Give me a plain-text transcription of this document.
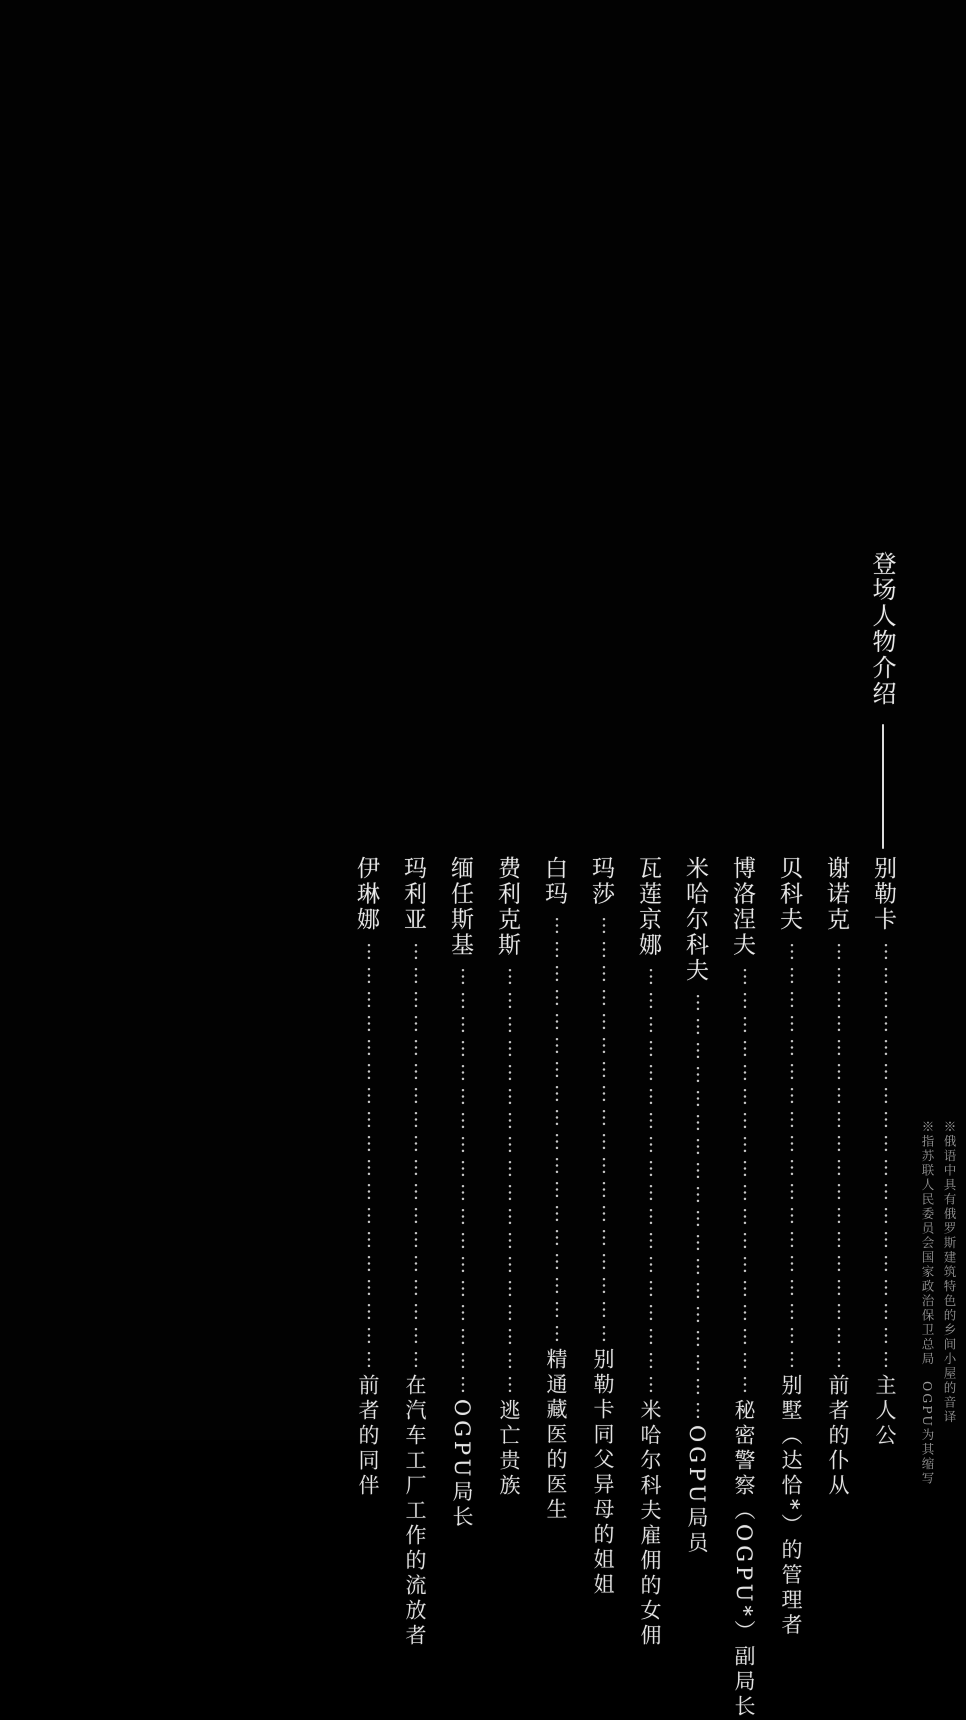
登场人物介绍
别勒卡
………………………………………………
主人公
谢诺克
………………………………………………
前者的仆从
贝科夫
………………………………………………
别墅（达恰*）的管理者
博洛涅夫
………………………………………………
秘密警察（OGPU*）副局长
米哈尔科夫
………………………………………………
OGPU局员
瓦莲京娜
………………………………………………
米哈尔科夫雇佣的女佣
玛莎
………………………………………………
别勒卡同父异母的姐姐
白玛
………………………………………………
精通藏医的医生
费利克斯
………………………………………………
逃亡贵族
缅任斯基
………………………………………………
OGPU局长
玛利亚
………………………………………………
在汽车工厂工作的流放者
伊琳娜
………………………………………………
前者的同伴
※俄语中具有俄罗斯建筑特色的乡间小屋的音译
※指苏联人民委员会国家政治保卫总局　OGPU为其缩写
